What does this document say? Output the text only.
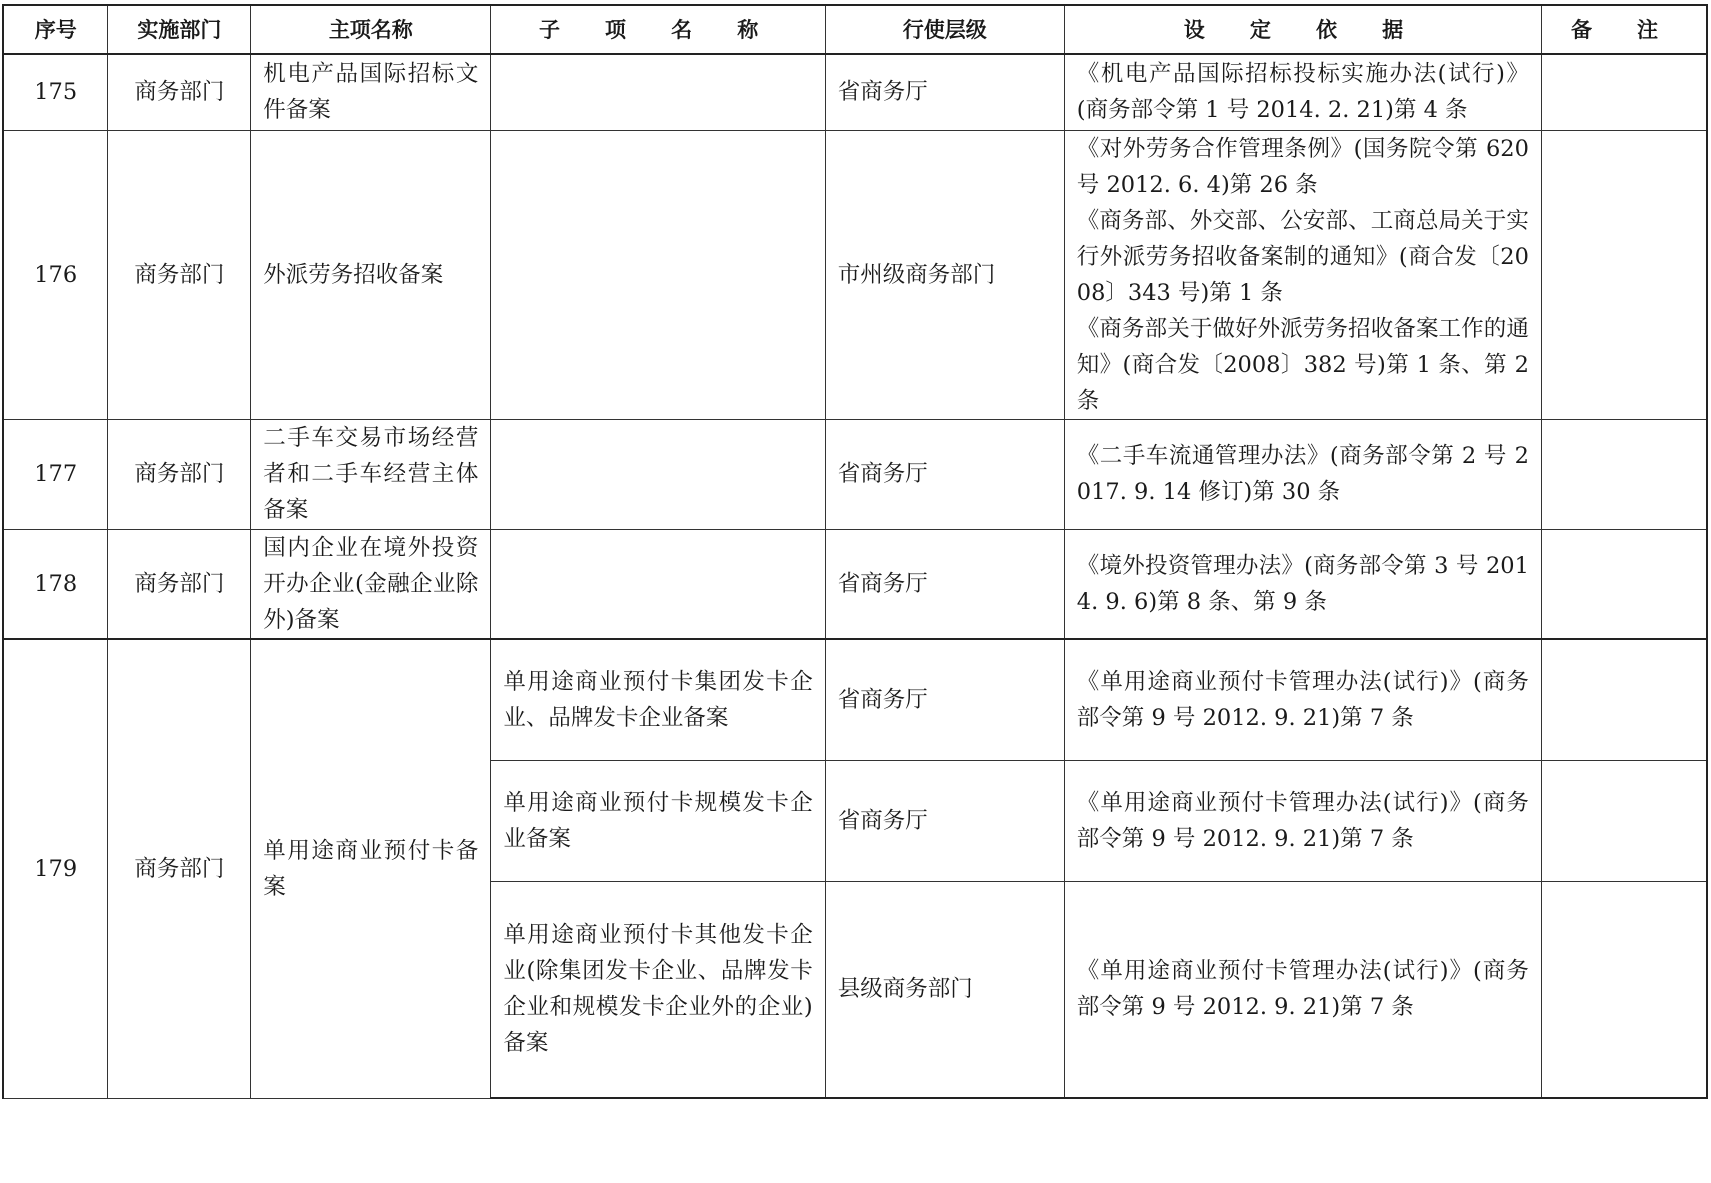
序号	实施部门	主项名称	子 项 名 称	行使层级	设 定 依 据	备 注
175	商务部门	机电产品国际招标文件备案		省商务厅	《机电产品国际招标投标实施办法(试行)》(商务部令第 1 号 2014. 2. 21)第 4 条	

176	商务部门	外派劳务招收备案		市州级商务部门	《对外劳务合作管理条例》(国务院令第 620 号 2012. 6. 4)第 26 条
《商务部、外交部、公安部、工商总局关于实行外派劳务招收备案制的通知》(商合发〔2008〕343 号)第 1 条
《商务部关于做好外派劳务招收备案工作的通知》(商合发〔2008〕382 号)第 1 条、第 2 条	

177	商务部门	二手车交易市场经营者和二手车经营主体备案		省商务厅	《二手车流通管理办法》(商务部令第 2 号 2017. 9. 14 修订)第 30 条	

178	商务部门	国内企业在境外投资开办企业(金融企业除外)备案		省商务厅	《境外投资管理办法》(商务部令第 3 号 2014. 9. 6)第 8 条、第 9 条	

179	商务部门	单用途商业预付卡备案	单用途商业预付卡集团发卡企业、品牌发卡企业备案	省商务厅	《单用途商业预付卡管理办法(试行)》(商务部令第 9 号 2012. 9. 21)第 7 条	
			单用途商业预付卡规模发卡企业备案	省商务厅	《单用途商业预付卡管理办法(试行)》(商务部令第 9 号 2012. 9. 21)第 7 条	
			单用途商业预付卡其他发卡企业(除集团发卡企业、品牌发卡企业和规模发卡企业外的企业)备案	县级商务部门	《单用途商业预付卡管理办法(试行)》(商务部令第 9 号 2012. 9. 21)第 7 条	
